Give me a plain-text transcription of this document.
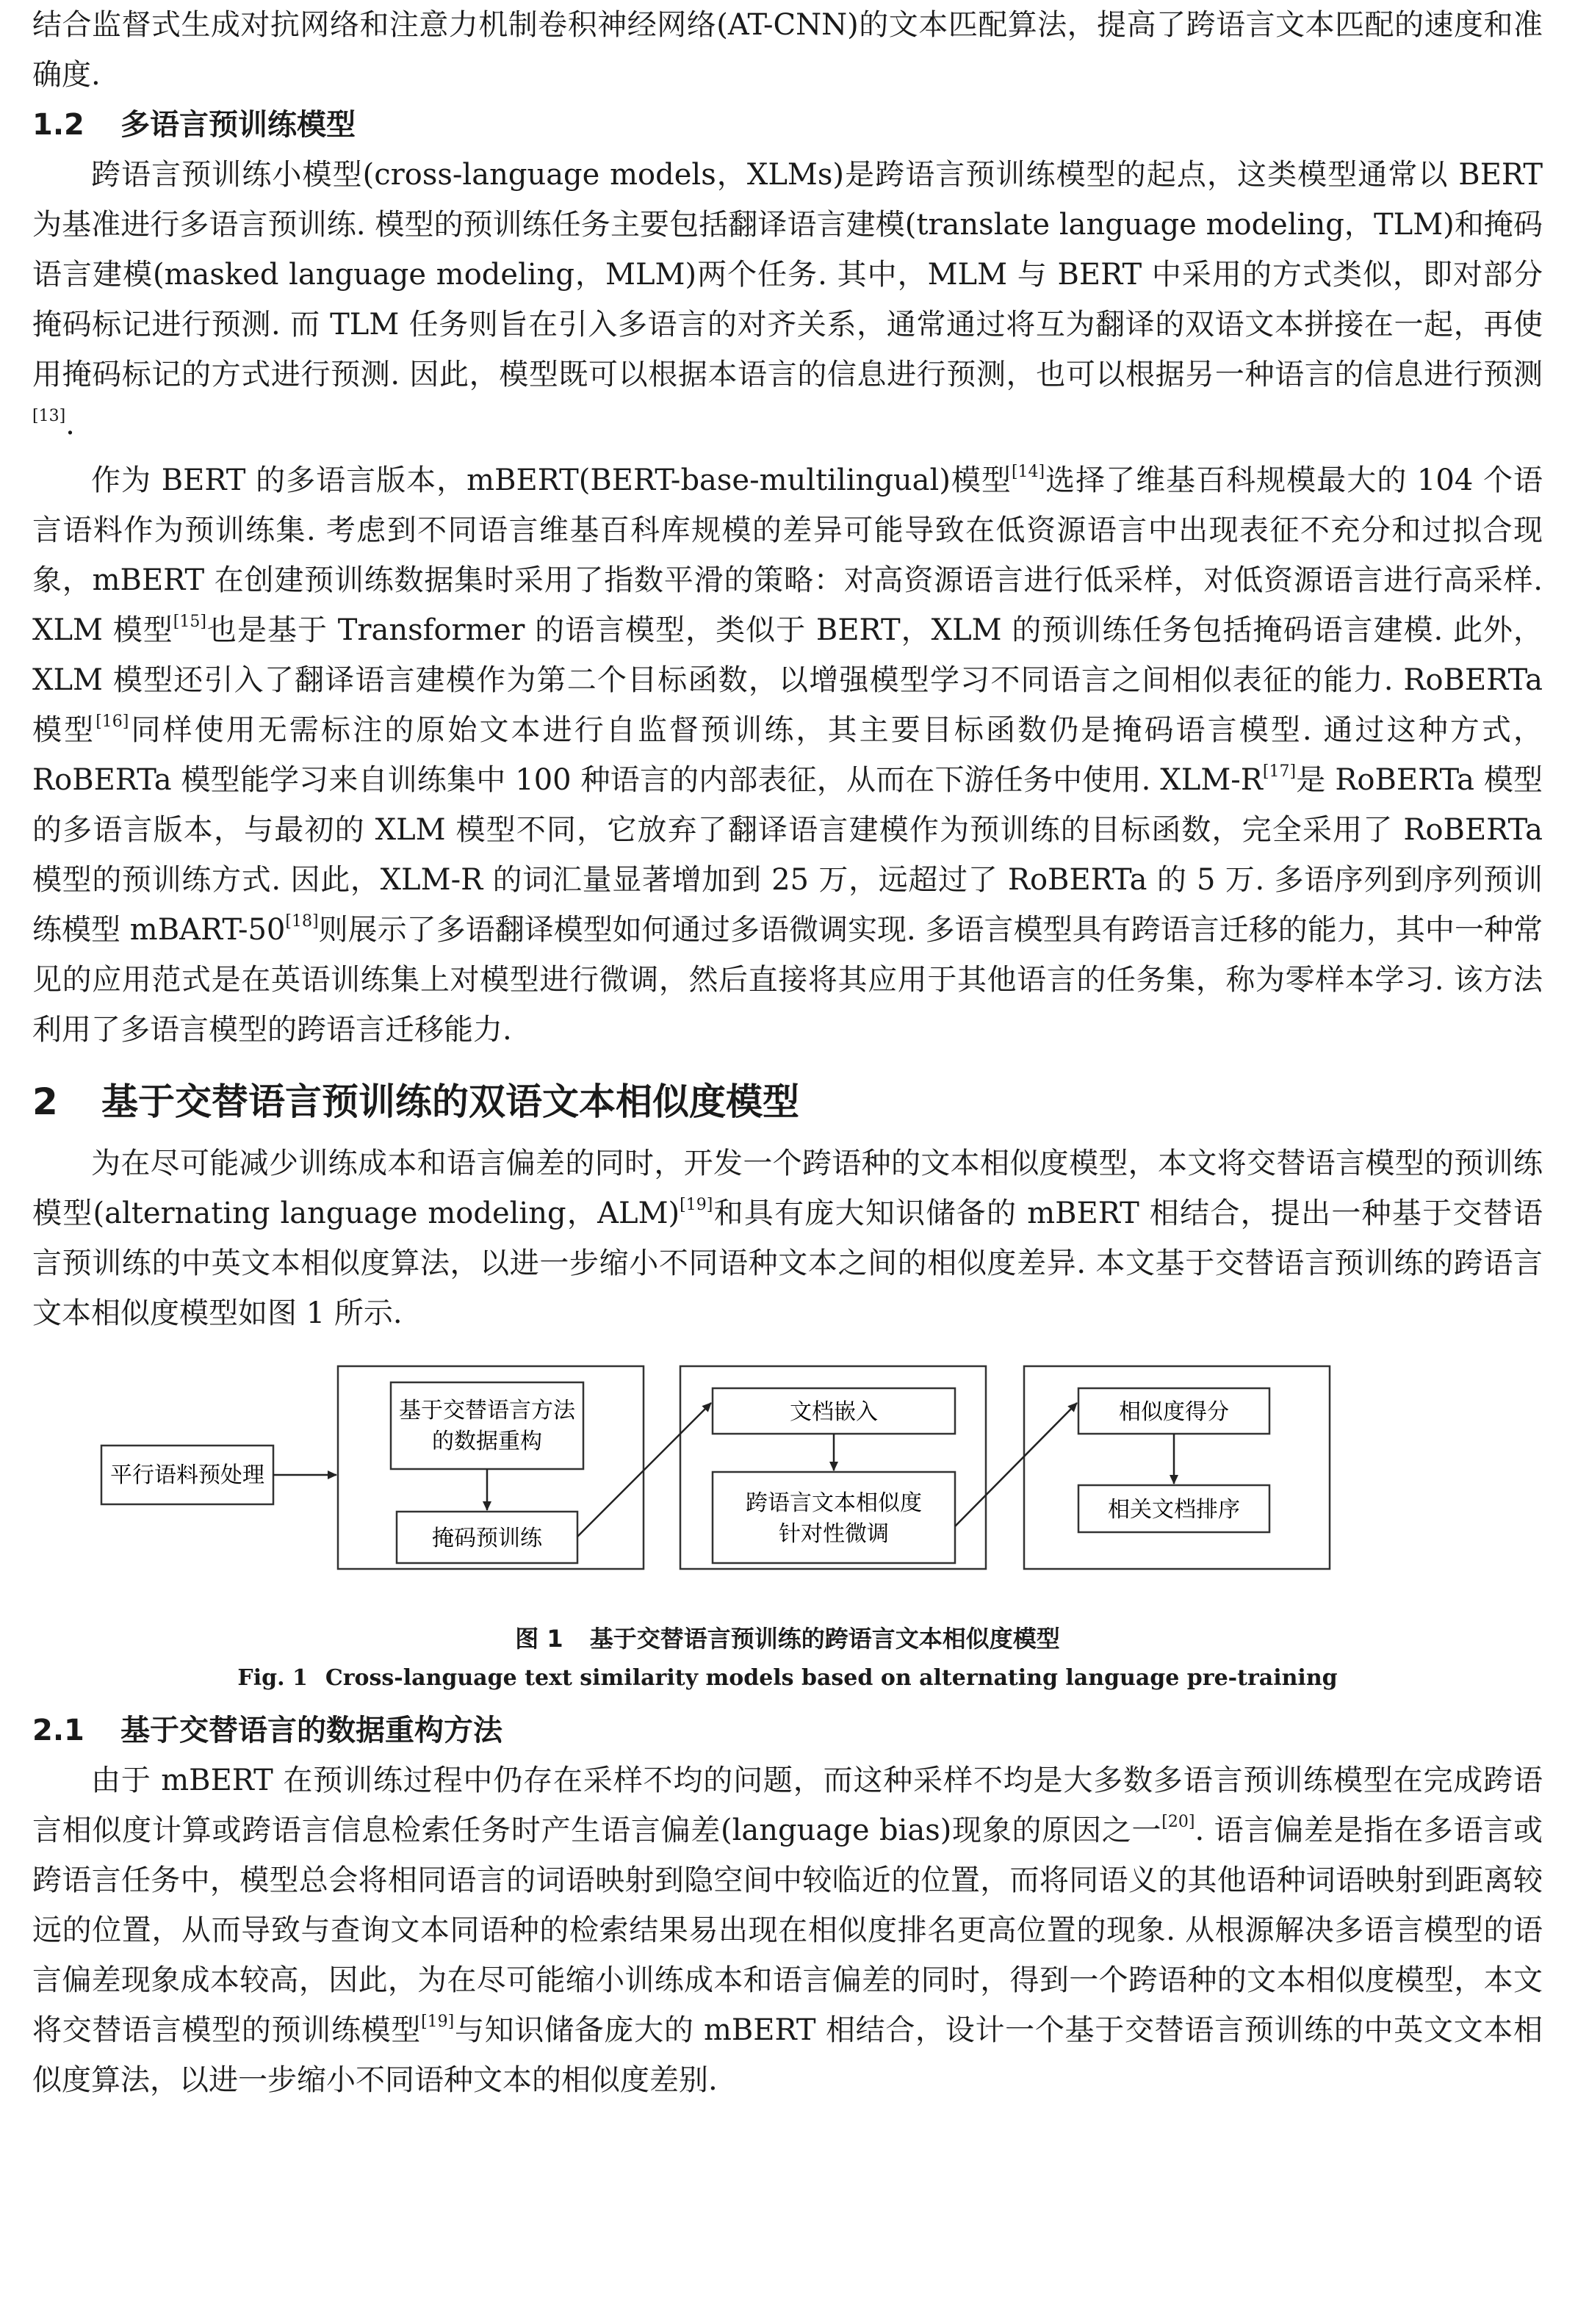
结合监督式生成对抗网络和注意力机制卷积神经网络(AT-CNN)的文本匹配算法，提高了跨语言文本匹配的速度和准确度.

1.2 多语言预训练模型

跨语言预训练小模型(cross-language models，XLMs)是跨语言预训练模型的起点，这类模型通常以 BERT 为基准进行多语言预训练. 模型的预训练任务主要包括翻译语言建模(translate language modeling，TLM)和掩码语言建模(masked language modeling，MLM)两个任务. 其中，MLM 与 BERT 中采用的方式类似，即对部分掩码标记进行预测. 而 TLM 任务则旨在引入多语言的对齐关系，通常通过将互为翻译的双语文本拼接在一起，再使用掩码标记的方式进行预测. 因此，模型既可以根据本语言的信息进行预测，也可以根据另一种语言的信息进行预测[13].

作为 BERT 的多语言版本，mBERT(BERT-base-multilingual)模型[14]选择了维基百科规模最大的 104 个语言语料作为预训练集. 考虑到不同语言维基百科库规模的差异可能导致在低资源语言中出现表征不充分和过拟合现象，mBERT 在创建预训练数据集时采用了指数平滑的策略：对高资源语言进行低采样，对低资源语言进行高采样. XLM 模型[15]也是基于 Transformer 的语言模型，类似于 BERT，XLM 的预训练任务包括掩码语言建模. 此外，XLM 模型还引入了翻译语言建模作为第二个目标函数，以增强模型学习不同语言之间相似表征的能力. RoBERTa 模型[16]同样使用无需标注的原始文本进行自监督预训练，其主要目标函数仍是掩码语言模型. 通过这种方式，RoBERTa 模型能学习来自训练集中 100 种语言的内部表征，从而在下游任务中使用. XLM-R[17]是 RoBERTa 模型的多语言版本，与最初的 XLM 模型不同，它放弃了翻译语言建模作为预训练的目标函数，完全采用了 RoBERTa 模型的预训练方式. 因此，XLM-R 的词汇量显著增加到 25 万，远超过了 RoBERTa 的 5 万. 多语序列到序列预训练模型 mBART-50[18]则展示了多语翻译模型如何通过多语微调实现. 多语言模型具有跨语言迁移的能力，其中一种常见的应用范式是在英语训练集上对模型进行微调，然后直接将其应用于其他语言的任务集，称为零样本学习. 该方法利用了多语言模型的跨语言迁移能力.

2 基于交替语言预训练的双语文本相似度模型

为在尽可能减少训练成本和语言偏差的同时，开发一个跨语种的文本相似度模型，本文将交替语言模型的预训练模型(alternating language modeling，ALM)[19]和具有庞大知识储备的 mBERT 相结合，提出一种基于交替语言预训练的中英文本相似度算法，以进一步缩小不同语种文本之间的相似度差异. 本文基于交替语言预训练的跨语言文本相似度模型如图 1 所示.

平行语料预处理
基于交替语言方法
的数据重构
掩码预训练
文档嵌入
跨语言文本相似度
针对性微调
相似度得分
相关文档排序
图 1 基于交替语言预训练的跨语言文本相似度模型
Fig. 1 Cross-language text similarity models based on alternating language pre-training
2.1 基于交替语言的数据重构方法

由于 mBERT 在预训练过程中仍存在采样不均的问题，而这种采样不均是大多数多语言预训练模型在完成跨语言相似度计算或跨语言信息检索任务时产生语言偏差(language bias)现象的原因之一[20]. 语言偏差是指在多语言或跨语言任务中，模型总会将相同语言的词语映射到隐空间中较临近的位置，而将同语义的其他语种词语映射到距离较远的位置，从而导致与查询文本同语种的检索结果易出现在相似度排名更高位置的现象. 从根源解决多语言模型的语言偏差现象成本较高，因此，为在尽可能缩小训练成本和语言偏差的同时，得到一个跨语种的文本相似度模型，本文将交替语言模型的预训练模型[19]与知识储备庞大的 mBERT 相结合，设计一个基于交替语言预训练的中英文文本相似度算法，以进一步缩小不同语种文本的相似度差别.
